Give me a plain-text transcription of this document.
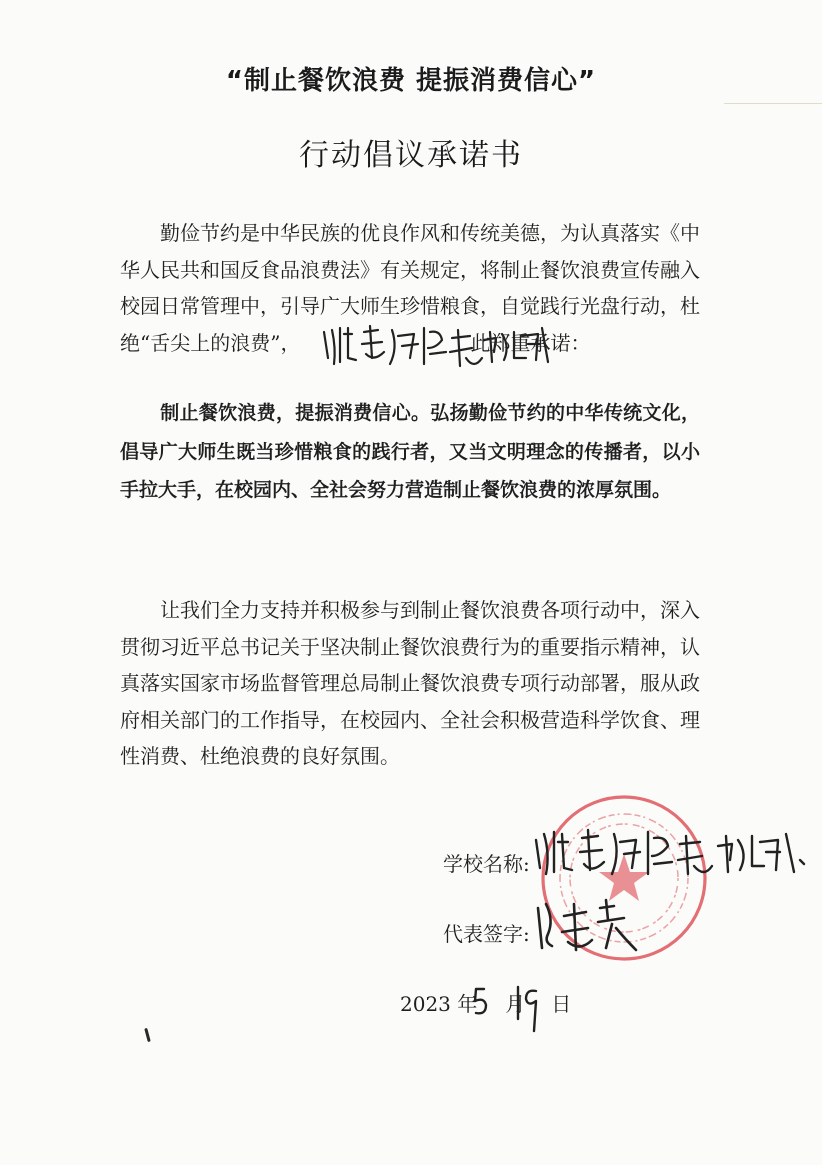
“制止餐饮浪费 提振消费信心”
行动倡议承诺书

勤俭节约是中华民族的优良作风和传统美德，为认真落实《中华人民共和国反食品浪费法》有关规定，将制止餐饮浪费宣传融入校园日常管理中，引导广大师生珍惜粮食，自觉践行光盘行动，杜绝“舌尖上的浪费”，	此郑重承诺：

制止餐饮浪费，提振消费信心。弘扬勤俭节约的中华传统文化，倡导广大师生既当珍惜粮食的践行者，又当文明理念的传播者，以小手拉大手，在校园内、全社会努力营造制止餐饮浪费的浓厚氛围。

让我们全力支持并积极参与到制止餐饮浪费各项行动中，深入贯彻习近平总书记关于坚决制止餐饮浪费行为的重要指示精神，认真落实国家市场监督管理总局制止餐饮浪费专项行动部署，服从政府相关部门的工作指导，在校园内、全社会积极营造科学饮食、理性消费、杜绝浪费的良好氛围。

学校名称:
代表签字:
2023 年 月 日
